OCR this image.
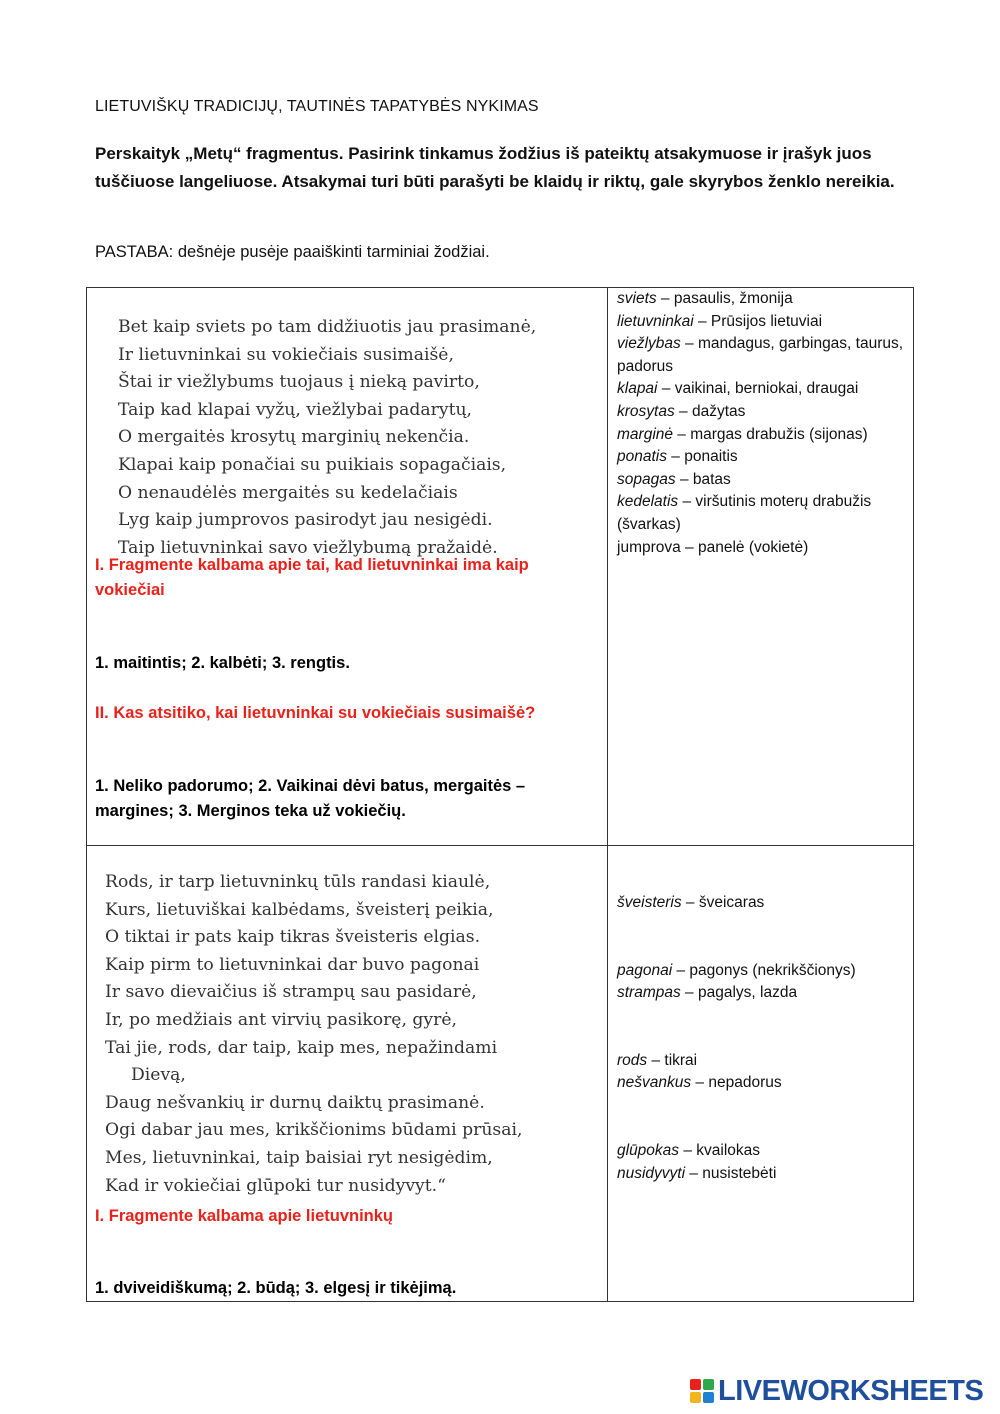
LIETUVIŠKŲ TRADICIJŲ, TAUTINĖS TAPATYBĖS NYKIMAS
Perskaityk „Metų“ fragmentus. Pasirink tinkamus žodžius iš pateiktų atsakymuose ir įrašyk juos tuščiuose langeliuose. Atsakymai turi būti parašyti be klaidų ir riktų, gale skyrybos ženklo nereikia.
PASTABA: dešnėje pusėje paaiškinti tarminiai žodžiai.
Bet kaip sviets po tam didžiuotis jau prasimanė,
Ir lietuvninkai su vokiečiais susimaišė,
Štai ir viežlybums tuojaus į nieką pavirto,
Taip kad klapai vyžų, viežlybai padarytų,
O mergaitės krosytų marginių nekenčia.
Klapai kaip ponačiai su puikiais sopagačiais,
O nenaudėlės mergaitės su kedelačiais
Lyg kaip jumprovos pasirodyt jau nesigėdi.
Taip lietuvninkai savo viežlybumą pražaidė.
I. Fragmente kalbama apie tai, kad lietuvninkai ima kaip vokiečiai
1. maitintis; 2. kalbėti; 3. rengtis.
II. Kas atsitiko, kai lietuvninkai su vokiečiais susimaišė?
1. Neliko padorumo; 2. Vaikinai dėvi batus, mergaitės – margines; 3. Merginos teka už vokiečių.
sviets – pasaulis, žmonija
lietuvninkai – Prūsijos lietuviai
viežlybas – mandagus, garbingas, taurus, padorus
klapai – vaikinai, berniokai, draugai
krosytas – dažytas
marginė – margas drabužis (sijonas)
ponatis – ponaitis
sopagas – batas
kedelatis – viršutinis moterų drabužis (švarkas)
jumprova – panelė (vokietė)
Rods, ir tarp lietuvninkų tūls randasi kiaulė,
Kurs, lietuviškai kalbėdams, šveisterį peikia,
O tiktai ir pats kaip tikras šveisteris elgias.
Kaip pirm to lietuvninkai dar buvo pagonai
Ir savo dievaičius iš strampų sau pasidarė,
Ir, po medžiais ant virvių pasikorę, gyrė,
Tai jie, rods, dar taip, kaip mes, nepažindami
Dievą,
Daug nešvankių ir durnų daiktų prasimanė.
Ogi dabar jau mes, krikščionims būdami prūsai,
Mes, lietuvninkai, taip baisiai ryt nesigėdim,
Kad ir vokiečiai glūpoki tur nusidyvyt.“
I. Fragmente kalbama apie lietuvninkų
1. dviveidiškumą; 2. būdą; 3. elgesį ir tikėjimą.
šveisteris – šveicaras
pagonai – pagonys (nekrikščionys)
strampas – pagalys, lazda
rods – tikrai
nešvankus – nepadorus
glūpokas – kvailokas
nusidyvyti – nusistebėti
LIVEWORKSHEETS
